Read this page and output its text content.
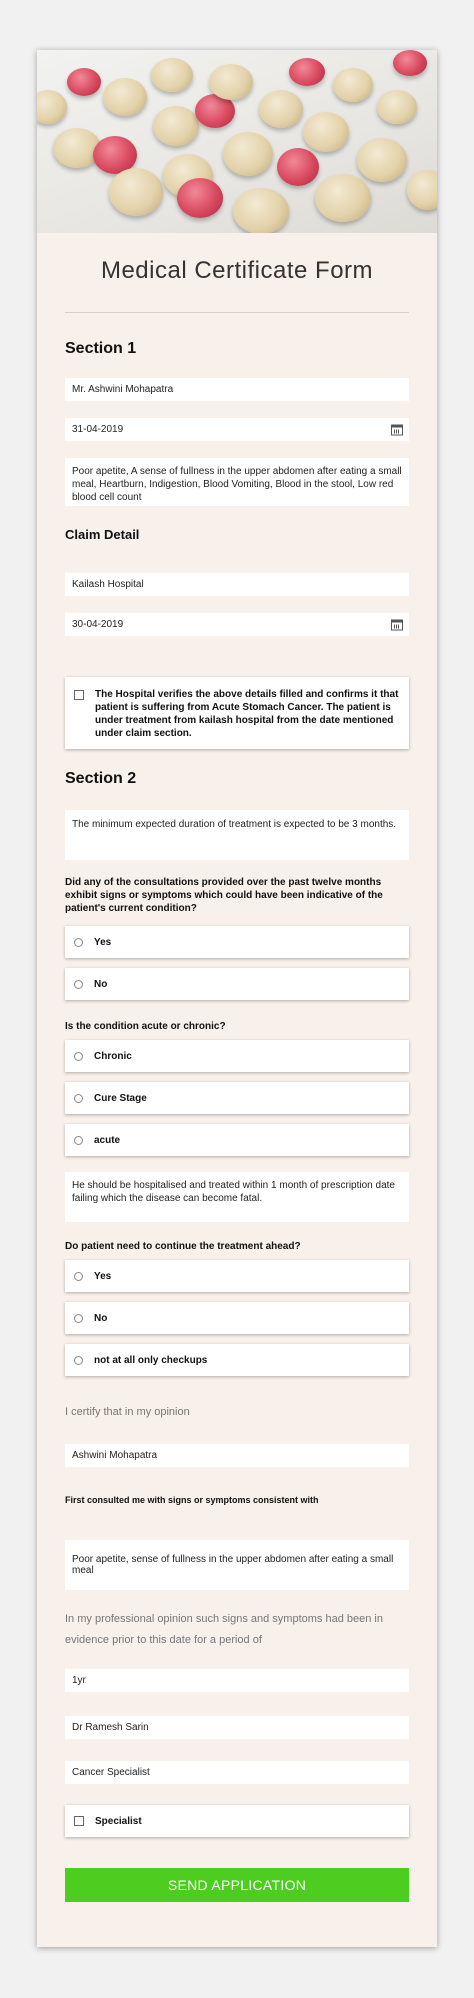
Medical Certificate Form
Section 1
Mr. Ashwini Mohapatra
31-04-2019
Poor apetite, A sense of fullness in the upper abdomen after eating a small meal, Heartburn, Indigestion, Blood Vomiting, Blood in the stool, Low red blood cell count
Claim Detail
Kailash Hospital
30-04-2019
The Hospital verifies the above details filled and confirms it that patient is suffering from Acute Stomach Cancer. The patient is under treatment from kailash hospital from the date mentioned under claim section.
Section 2
The minimum expected duration of treatment is expected to be 3 months.
Did any of the consultations provided over the past twelve months exhibit signs or symptoms which could have been indicative of the patient's current condition?
Yes
No
Is the condition acute or chronic?
Chronic
Cure Stage
acute
He should be hospitalised and treated within 1 month of prescription date failing which the disease can become fatal.
Do patient need to continue the treatment ahead?
Yes
No
not at all only checkups
I certify that in my opinion
Ashwini Mohapatra
First consulted me with signs or symptoms consistent with
Poor apetite, sense of fullness in the upper abdomen after eating a small meal
In my professional opinion such signs and symptoms had been in evidence prior to this date for a period of
1yr
Dr Ramesh Sarin
Cancer Specialist
Specialist
SEND APPLICATION
